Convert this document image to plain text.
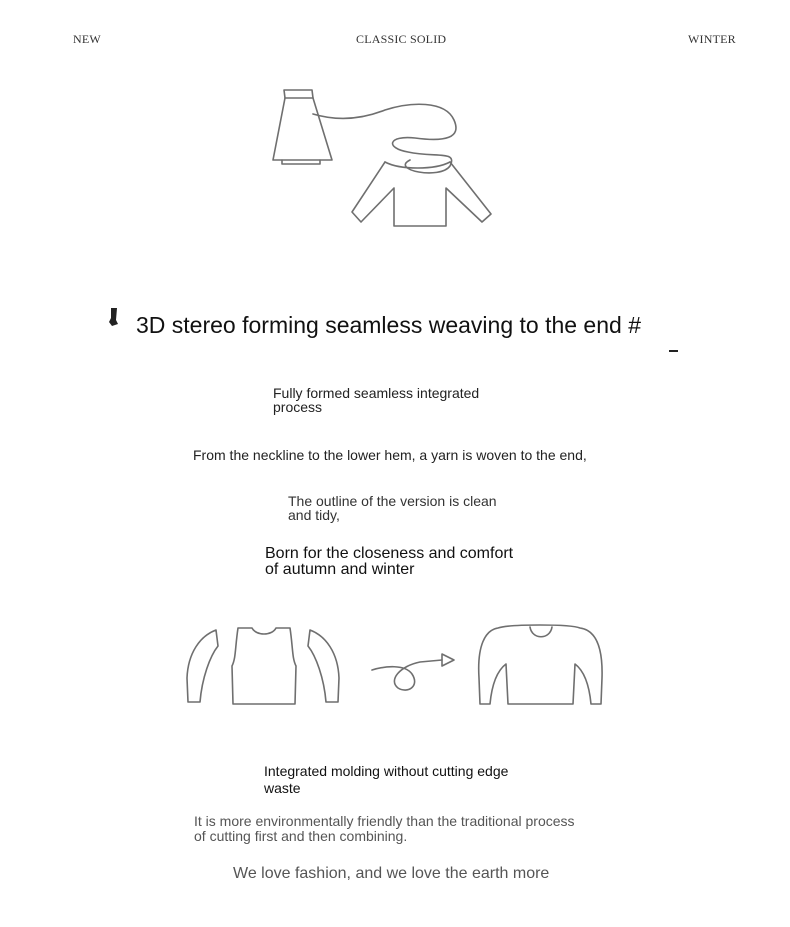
NEW	CLASSIC SOLID	WINTER
3D stereo forming seamless weaving to the end #
Fully formed seamless integrated
process
From the neckline to the lower hem, a yarn is woven to the end,
The outline of the version is clean
and tidy,
Born for the closeness and comfort
of autumn and winter
Integrated molding without cutting edge
waste
It is more environmentally friendly than the traditional process
of cutting first and then combining.
We love fashion, and we love the earth more
